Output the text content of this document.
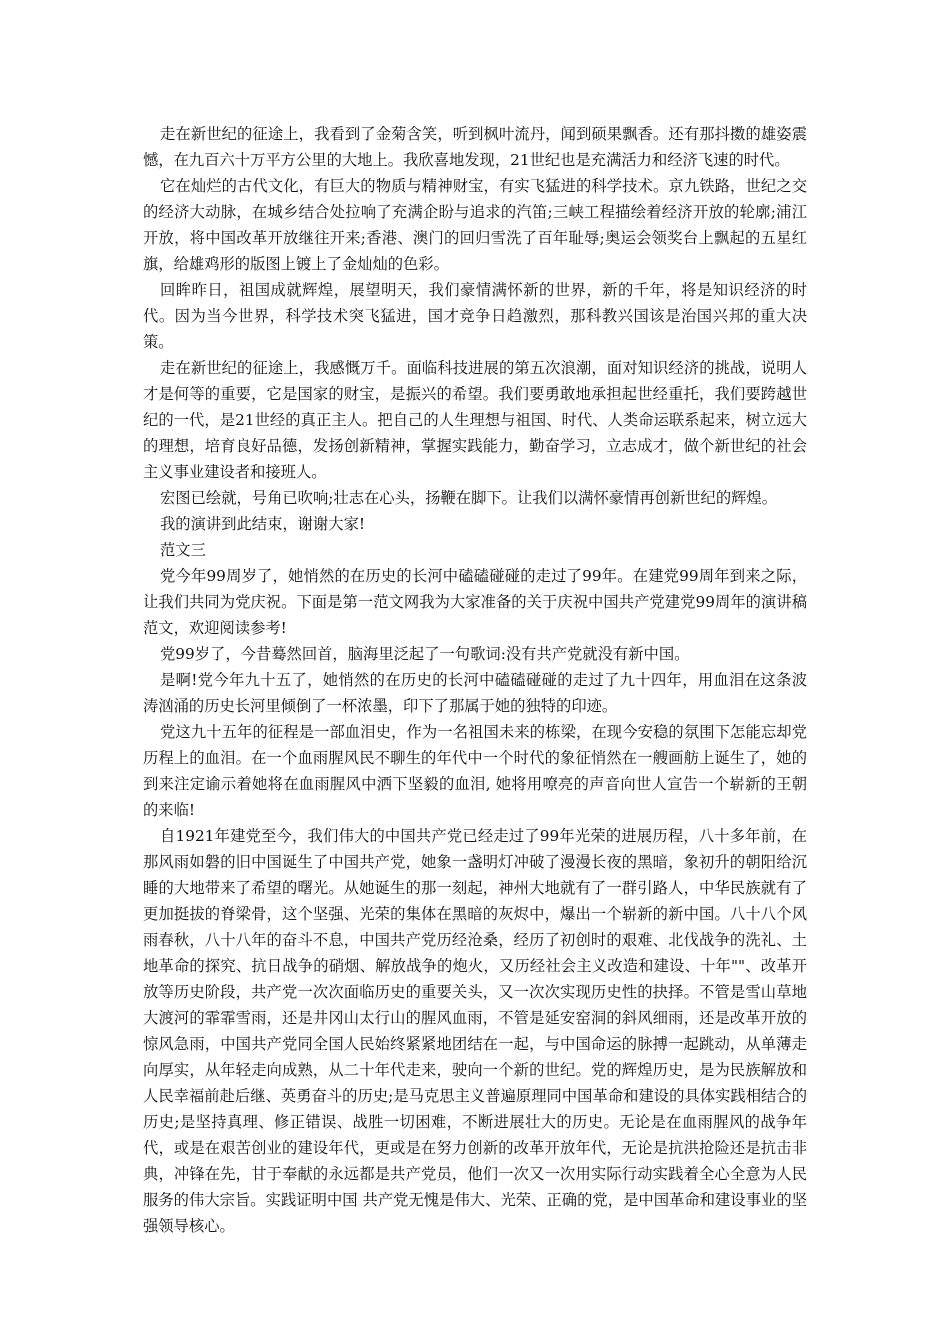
走在新世纪的征途上，我看到了金菊含笑，听到枫叶流丹，闻到硕果飘香。还有那抖擞的雄姿震憾，在九百六十万平方公里的大地上。我欣喜地发现，21世纪也是充满活力和经济飞速的时代。

它在灿烂的古代文化，有巨大的物质与精神财宝，有实飞猛进的科学技术。京九铁路，世纪之交的经济大动脉，在城乡结合处拉响了充满企盼与追求的汽笛;三峡工程描绘着经济开放的轮廓;浦江开放，将中国改革开放继往开来;香港、澳门的回归雪洗了百年耻辱;奥运会领奖台上飘起的五星红旗，给雄鸡形的版图上镀上了金灿灿的色彩。

回眸昨日，祖国成就辉煌，展望明天，我们豪情满怀新的世界，新的千年，将是知识经济的时代。因为当今世界，科学技术突飞猛进，国才竞争日趋激烈，那科教兴国该是治国兴邦的重大决策。

走在新世纪的征途上，我感慨万千。面临科技进展的第五次浪潮，面对知识经济的挑战，说明人才是何等的重要，它是国家的财宝，是振兴的希望。我们要勇敢地承担起世经重托，我们要跨越世纪的一代，是21世经的真正主人。把自己的人生理想与祖国、时代、人类命运联系起来，树立远大的理想，培育良好品德，发扬创新精神，掌握实践能力，勤奋学习，立志成才，做个新世纪的社会主义事业建设者和接班人。

宏图已绘就，号角已吹响;壮志在心头，扬鞭在脚下。让我们以满怀豪情再创新世纪的辉煌。

我的演讲到此结束，谢谢大家!

范文三

党今年99周岁了，她悄然的在历史的长河中磕磕碰碰的走过了99年。在建党99周年到来之际，让我们共同为党庆祝。下面是第一范文网我为大家准备的关于庆祝中国共产党建党99周年的演讲稿范文，欢迎阅读参考!

党99岁了，今昔蓦然回首，脑海里泛起了一句歌词:没有共产党就没有新中国。

是啊!党今年九十五了，她悄然的在历史的长河中磕磕碰碰的走过了九十四年，用血泪在这条波涛汹涌的历史长河里倾倒了一杯浓墨，印下了那属于她的独特的印迹。

党这九十五年的征程是一部血泪史，作为一名祖国未来的栋梁，在现今安稳的氛围下怎能忘却党历程上的血泪。在一个血雨腥风民不聊生的年代中一个时代的象征悄然在一艘画舫上诞生了，她的到来注定谕示着她将在血雨腥风中洒下坚毅的血泪, 她将用嘹亮的声音向世人宣告一个崭新的王朝的来临!

自1921年建党至今，我们伟大的中国共产党已经走过了99年光荣的进展历程，八十多年前，在那风雨如磐的旧中国诞生了中国共产党，她象一盏明灯冲破了漫漫长夜的黑暗，象初升的朝阳给沉睡的大地带来了希望的曙光。从她诞生的那一刻起，神州大地就有了一群引路人，中华民族就有了更加挺拔的脊梁骨，这个坚强、光荣的集体在黑暗的灰烬中，爆出一个崭新的新中国。八十八个风雨春秋，八十八年的奋斗不息，中国共产党历经沧桑，经历了初创时的艰难、北伐战争的洗礼、土地革命的探究、抗日战争的硝烟、解放战争的炮火，又历经社会主义改造和建设、十年""、改革开放等历史阶段，共产党一次次面临历史的重要关头，又一次次实现历史性的抉择。不管是雪山草地大渡河的霏霏雪雨，还是井冈山太行山的腥风血雨，不管是延安窑洞的斜风细雨，还是改革开放的惊风急雨，中国共产党同全国人民始终紧紧地团结在一起，与中国命运的脉搏一起跳动，从单薄走向厚实，从年轻走向成熟，从二十年代走来，驶向一个新的世纪。党的辉煌历史，是为民族解放和人民幸福前赴后继、英勇奋斗的历史;是马克思主义普遍原理同中国革命和建设的具体实践相结合的历史;是坚持真理、修正错误、战胜一切困难，不断进展壮大的历史。无论是在血雨腥风的战争年代，或是在艰苦创业的建设年代，更或是在努力创新的改革开放年代，无论是抗洪抢险还是抗击非典，冲锋在先，甘于奉献的永远都是共产党员，他们一次又一次用实际行动实践着全心全意为人民服务的伟大宗旨。实践证明中国 共产党无愧是伟大、光荣、正确的党，是中国革命和建设事业的坚强领导核心。
